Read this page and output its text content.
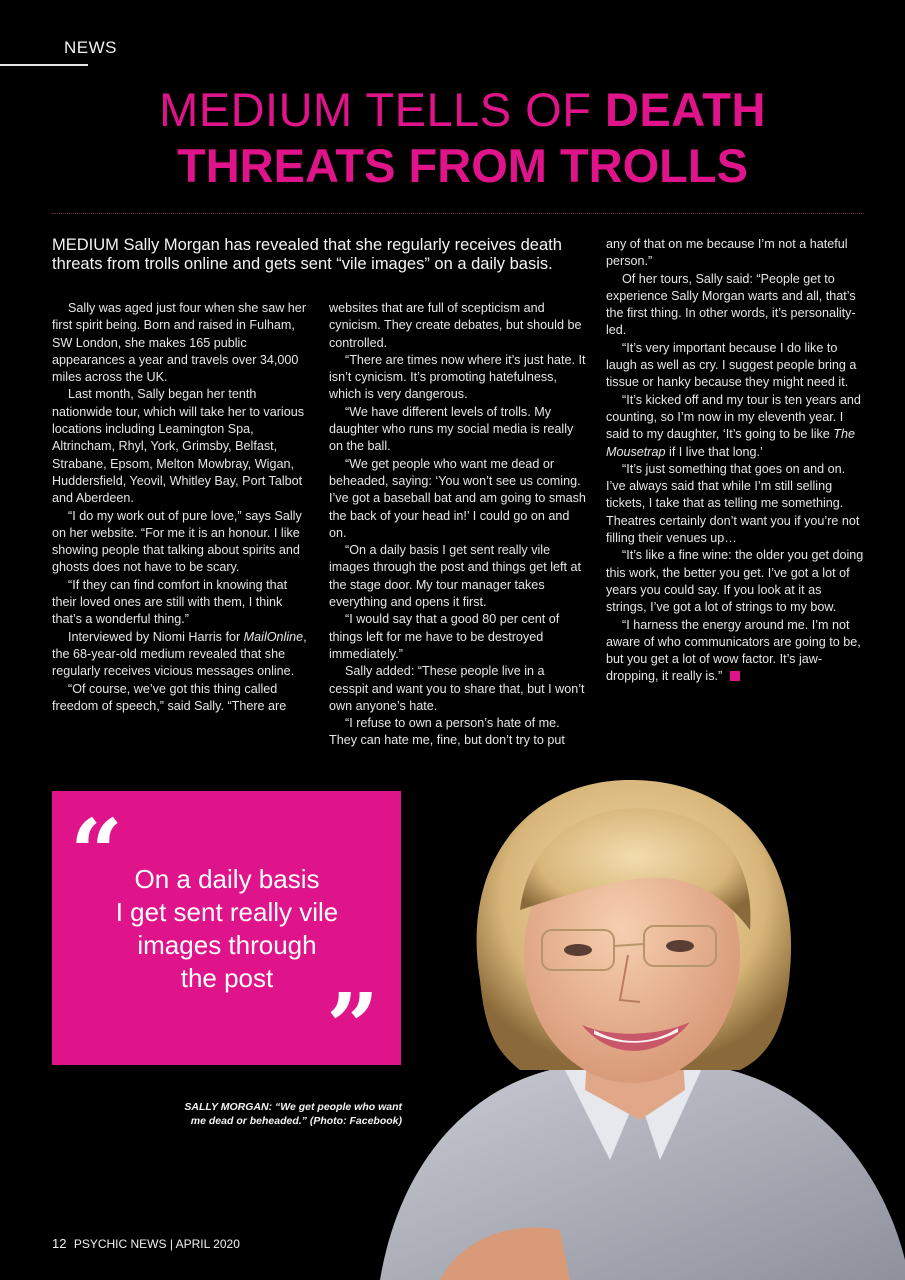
NEWS
MEDIUM TELLS OF DEATH
THREATS FROM TROLLS

MEDIUM Sally Morgan has revealed that she regularly receives death threats from trolls online and gets sent “vile images” on a daily basis.

Sally was aged just four when she saw her first spirit being. Born and raised in Fulham, SW London, she makes 165 public appearances a year and travels over 34,000 miles across the UK.

Last month, Sally began her tenth nationwide tour, which will take her to various locations including Leamington Spa, Altrincham, Rhyl, York, Grimsby, Belfast, Strabane, Epsom, Melton Mowbray, Wigan, Huddersfield, Yeovil, Whitley Bay, Port Talbot and Aberdeen.

“I do my work out of pure love,” says Sally on her website. “For me it is an honour. I like showing people that talking about spirits and ghosts does not have to be scary.

“If they can find comfort in knowing that their loved ones are still with them, I think that’s a wonderful thing.”

Interviewed by Niomi Harris for MailOnline, the 68-year-old medium revealed that she regularly receives vicious messages online.

“Of course, we’ve got this thing called freedom of speech,” said Sally. “There are

websites that are full of scepticism and cynicism. They create debates, but should be controlled.

“There are times now where it’s just hate. It isn’t cynicism. It’s promoting hatefulness, which is very dangerous.

“We have different levels of trolls. My daughter who runs my social media is really on the ball.

“We get people who want me dead or beheaded, saying: ‘You won’t see us coming. I’ve got a baseball bat and am going to smash the back of your head in!’ I could go on and on.

“On a daily basis I get sent really vile images through the post and things get left at the stage door. My tour manager takes everything and opens it first.

“I would say that a good 80 per cent of things left for me have to be destroyed immediately.”

Sally added: “These people live in a cesspit and want you to share that, but I won’t own anyone’s hate.

“I refuse to own a person’s hate of me. They can hate me, fine, but don’t try to put

any of that on me because I’m not a hateful person.”

Of her tours, Sally said: “People get to experience Sally Morgan warts and all, that’s the first thing. In other words, it’s personality-led.

“It’s very important because I do like to laugh as well as cry. I suggest people bring a tissue or hanky because they might need it.

“It’s kicked off and my tour is ten years and counting, so I’m now in my eleventh year. I said to my daughter, ‘It’s going to be like The Mousetrap if I live that long.’

“It’s just something that goes on and on. I’ve always said that while I’m still selling tickets, I take that as telling me something. Theatres certainly don’t want you if you’re not filling their venues up…

“It’s like a fine wine: the older you get doing this work, the better you get. I’ve got a lot of years you could say. If you look at it as strings, I’ve got a lot of strings to my bow.

“I harness the energy around me. I’m not aware of who communicators are going to be, but you get a lot of wow factor. It’s jaw-dropping, it really is.”

“ On a daily basis
I get sent really vile
images through
the post ”
SALLY MORGAN: “We get people who want
me dead or beheaded.” (Photo: Facebook)
12 PSYCHIC NEWS | APRIL 2020
